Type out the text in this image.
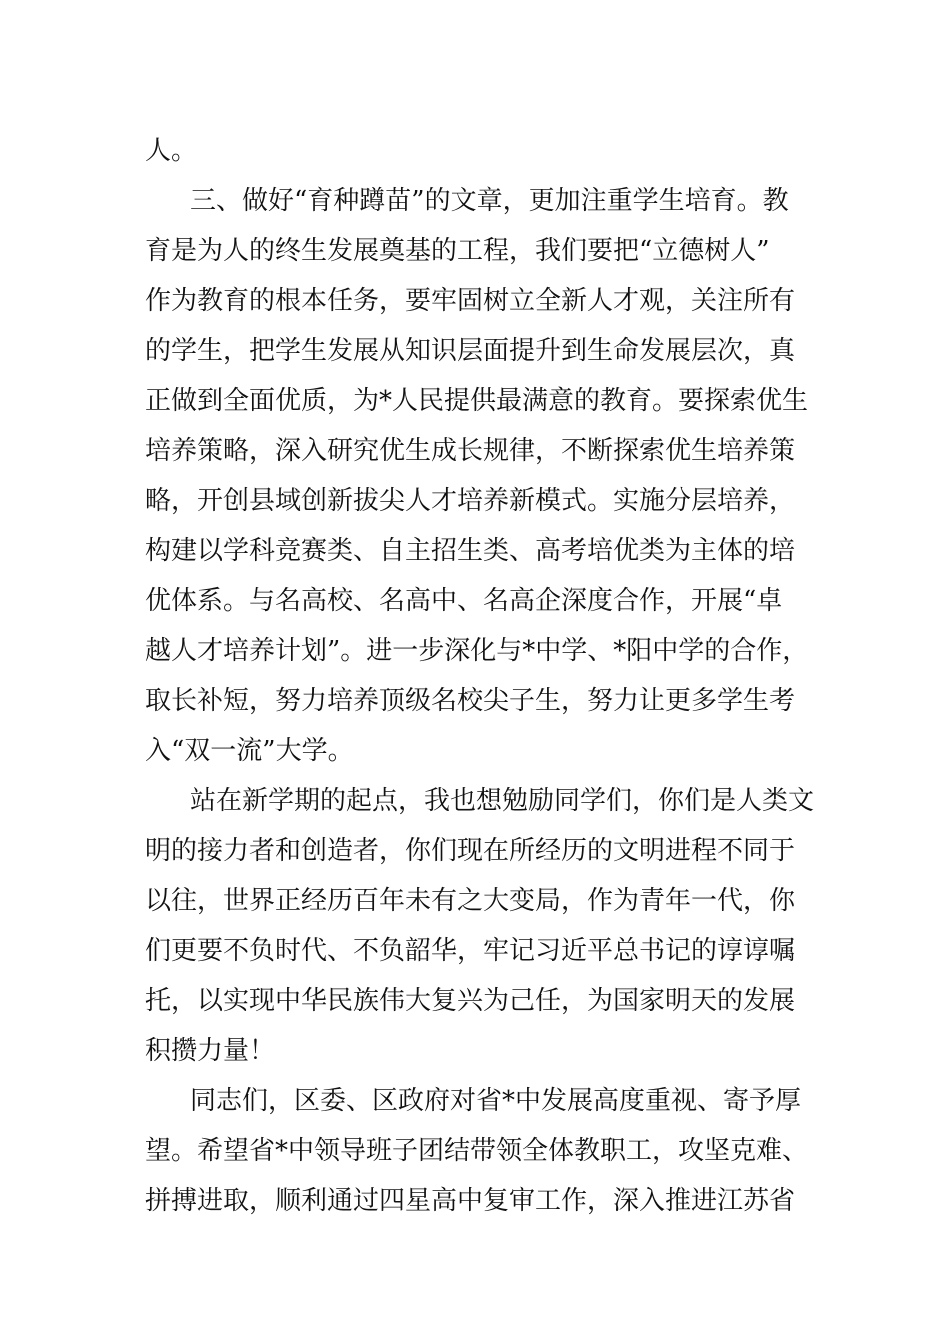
人。
三、做好“育种蹲苗”的文章，更加注重学生培育。教
育是为人的终生发展奠基的工程，我们要把“立德树人”
作为教育的根本任务，要牢固树立全新人才观，关注所有
的学生，把学生发展从知识层面提升到生命发展层次，真
正做到全面优质，为*人民提供最满意的教育。要探索优生
培养策略，深入研究优生成长规律，不断探索优生培养策
略，开创县域创新拔尖人才培养新模式。实施分层培养，
构建以学科竞赛类、自主招生类、高考培优类为主体的培
优体系。与名高校、名高中、名高企深度合作，开展“卓
越人才培养计划”。进一步深化与*中学、*阳中学的合作，
取长补短，努力培养顶级名校尖子生，努力让更多学生考
入“双一流”大学。
站在新学期的起点，我也想勉励同学们，你们是人类文
明的接力者和创造者，你们现在所经历的文明进程不同于
以往，世界正经历百年未有之大变局，作为青年一代，你
们更要不负时代、不负韶华，牢记习近平总书记的谆谆嘱
托，以实现中华民族伟大复兴为己任，为国家明天的发展
积攒力量！
同志们，区委、区政府对省*中发展高度重视、寄予厚
望。希望省*中领导班子团结带领全体教职工，攻坚克难、
拼搏进取，顺利通过四星高中复审工作，深入推进江苏省
